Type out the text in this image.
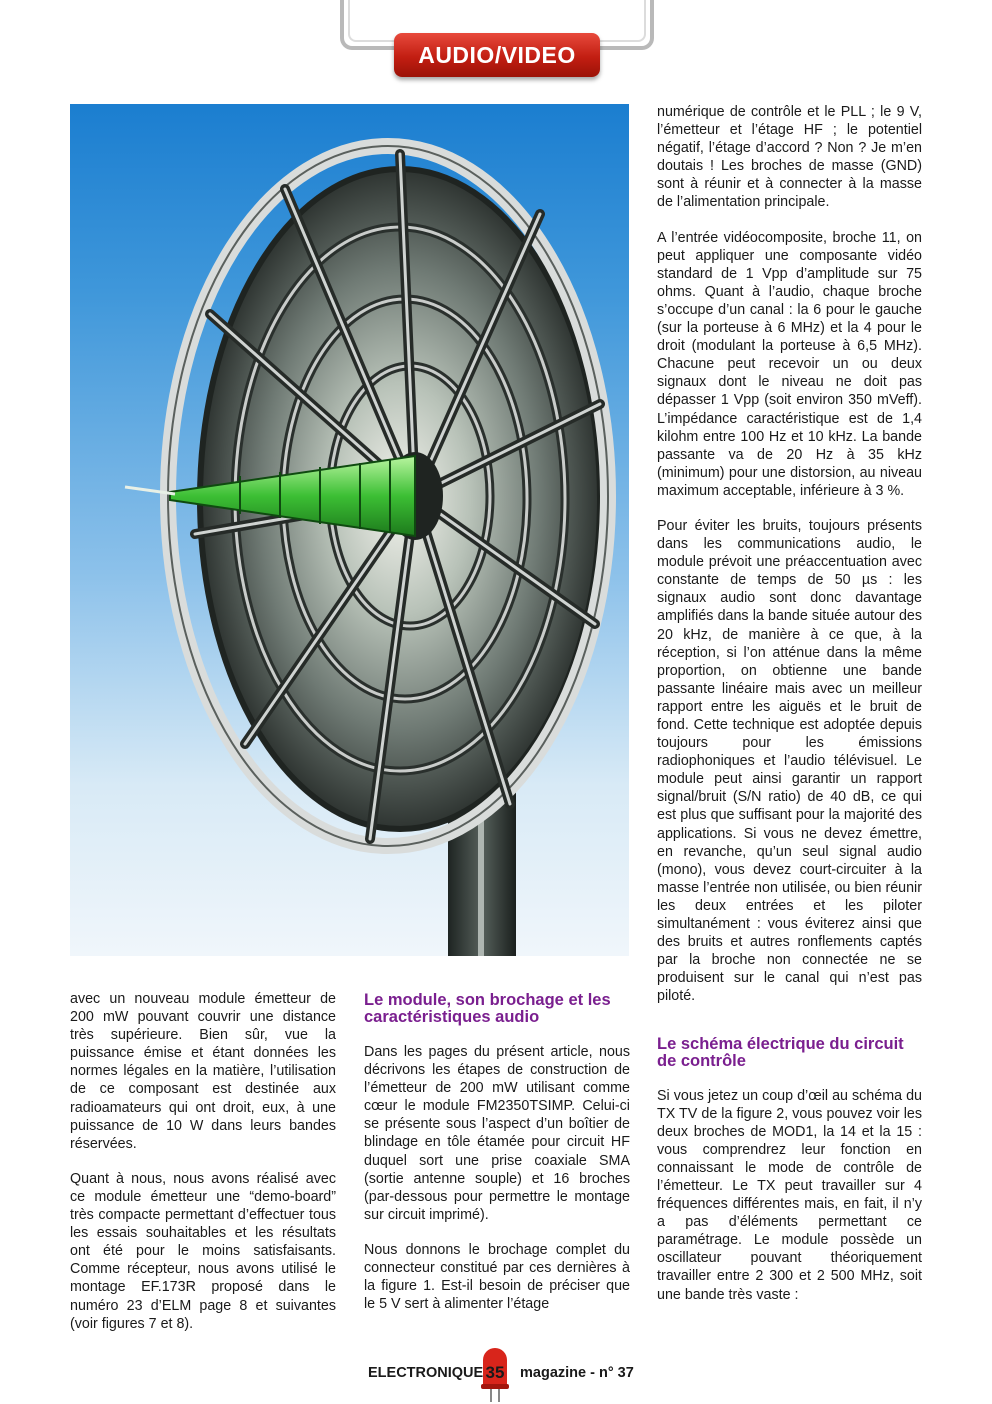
AUDIO/VIDEO

avec un nouveau module émetteur de 200 mW pouvant couvrir une distance très supérieure. Bien sûr, vue la puissance émise et étant données les normes légales en la matière, l’utilisation de ce composant est destinée aux radioamateurs qui ont droit, eux, à une puissance de 10 W dans leurs bandes réservées.

Quant à nous, nous avons réalisé avec ce module émetteur une “demo-board” très compacte permettant d’effectuer tous les essais souhaitables et les résultats ont été pour le moins satisfaisants. Comme récepteur, nous avons utilisé le montage EF.173R proposé dans le numéro 23 d’ELM page 8 et suivantes (voir figures 7 et 8).

Le module, son brochage et les caractéristiques audio

Dans les pages du présent article, nous décrivons les étapes de construction de l’émetteur de 200 mW utilisant comme cœur le module FM2350TSIMP. Celui-ci se présente sous l’aspect d’un boîtier de blindage en tôle étamée pour circuit HF duquel sort une prise coaxiale SMA (sortie antenne souple) et 16 broches (par-dessous pour permettre le montage sur circuit imprimé).

Nous donnons le brochage complet du connecteur constitué par ces dernières à la figure 1. Est-il besoin de préciser que le 5 V sert à alimenter l’étage

numérique de contrôle et le PLL ; le 9 V, l’émetteur et l’étage HF ; le potentiel négatif, l’étage d’accord ? Non ? Je m’en doutais ! Les broches de masse (GND) sont à réunir et à connecter à la masse de l’alimentation principale.

A l’entrée vidéocomposite, broche 11, on peut appliquer une composante vidéo standard de 1 Vpp d’amplitude sur 75 ohms. Quant à l’audio, chaque broche s’occupe d’un canal : la 6 pour le gauche (sur la porteuse à 6 MHz) et la 4 pour le droit (modulant la porteuse à 6,5 MHz). Chacune peut recevoir un ou deux signaux dont le niveau ne doit pas dépasser 1 Vpp (soit environ 350 mVeff). L’impédance caractéristique est de 1,4 kilohm entre 100 Hz et 10 kHz. La bande passante va de 20 Hz à 35 kHz (minimum) pour une distorsion, au niveau maximum acceptable, inférieure à 3 %.

Pour éviter les bruits, toujours présents dans les communications audio, le module prévoit une préaccentuation avec constante de temps de 50 µs : les signaux audio sont donc davantage amplifiés dans la bande située autour des 20 kHz, de manière à ce que, à la réception, si l’on atténue dans la même proportion, on obtienne une bande passante linéaire mais avec un meilleur rapport entre les aiguës et le bruit de fond. Cette technique est adoptée depuis toujours pour les émissions radiophoniques et l’audio télévisuel. Le module peut ainsi garantir un rapport signal/bruit (S/N ratio) de 40 dB, ce qui est plus que suffisant pour la majorité des applications. Si vous ne devez émettre, en revanche, qu’un seul signal audio (mono), vous devez court-circuiter à la masse l’entrée non utilisée, ou bien réunir les deux entrées et les piloter simultanément : vous éviterez ainsi que des bruits et autres ronflements captés par la broche non connectée ne se produisent sur le canal qui n’est pas piloté.

Le schéma électrique du circuit de contrôle

Si vous jetez un coup d’œil au schéma du TX TV de la figure 2, vous pouvez voir les deux broches de MOD1, la 14 et la 15 : vous comprendrez leur fonction en connaissant le mode de contrôle de l’émetteur. Le TX peut travailler sur 4 fréquences différentes mais, en fait, il n’y a pas d’éléments permettant ce paramétrage. Le module possède un oscillateur pouvant théoriquement travailler entre 2 300 et 2 500 MHz, soit une bande très vaste :

ELECTRONIQUE 35 magazine - n° 37
